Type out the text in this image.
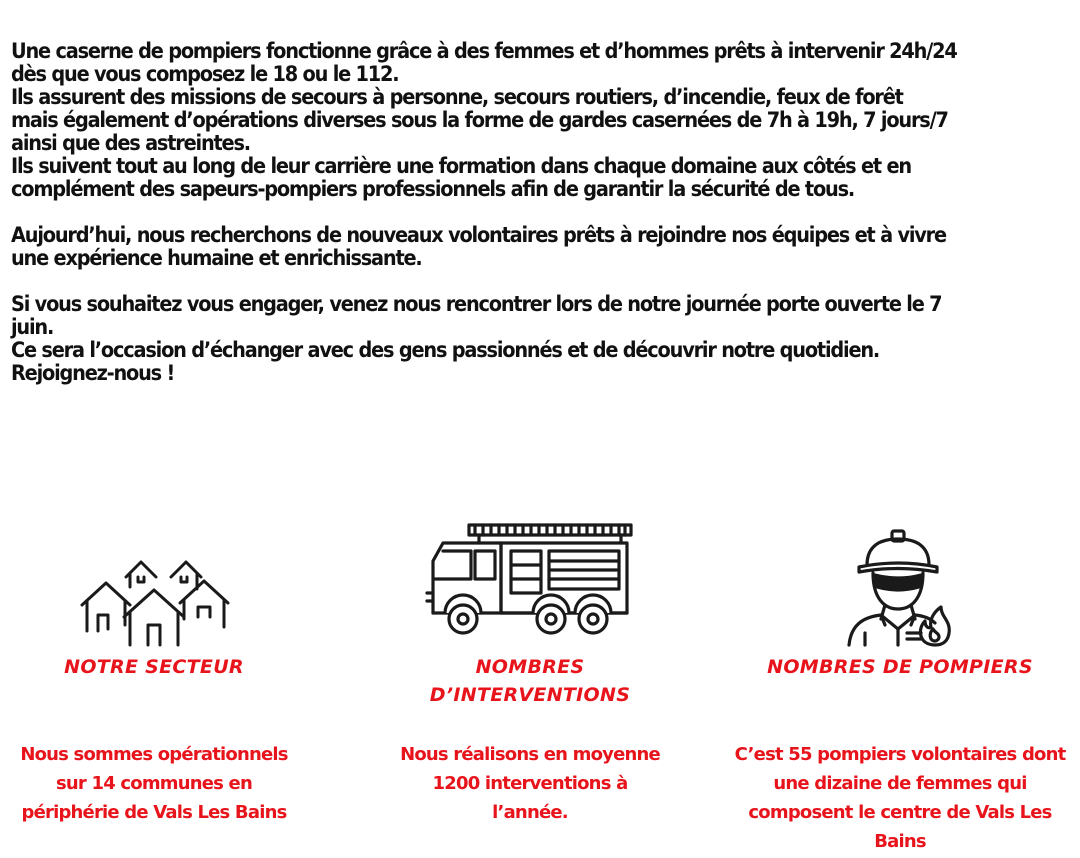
Une caserne de pompiers fonctionne grâce à des femmes et d’hommes prêts à intervenir 24h/24

dès que vous composez le 18 ou le 112.

Ils assurent des missions de secours à personne, secours routiers, d’incendie, feux de forêt

mais également d’opérations diverses sous la forme de gardes casernées de 7h à 19h, 7 jours/7

ainsi que des astreintes.

Ils suivent tout au long de leur carrière une formation dans chaque domaine aux côtés et en

complément des sapeurs-pompiers professionnels afin de garantir la sécurité de tous.

Aujourd’hui, nous recherchons de nouveaux volontaires prêts à rejoindre nos équipes et à vivre

une expérience humaine et enrichissante.

Si vous souhaitez vous engager, venez nous rencontrer lors de notre journée porte ouverte le 7

juin.

Ce sera l’occasion d’échanger avec des gens passionnés et de découvrir notre quotidien.

Rejoignez-nous !

NOTRE SECTEUR
Nous sommes opérationnels
sur 14 communes en
périphérie de Vals Les Bains
NOMBRES
D’INTERVENTIONS
Nous réalisons en moyenne
1200 interventions à
l’année.
NOMBRES DE POMPIERS
C’est 55 pompiers volontaires dont
une dizaine de femmes qui
composent le centre de Vals Les
Bains
